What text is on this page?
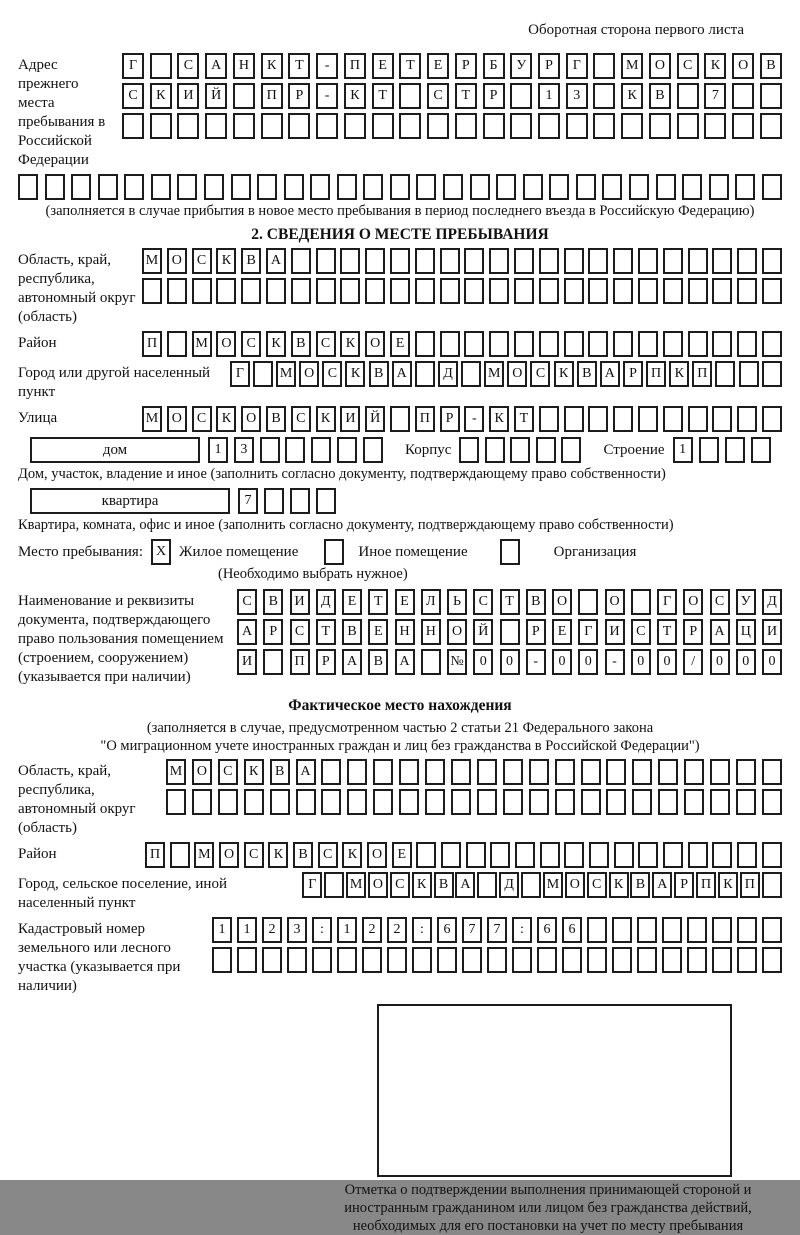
Оборотная сторона первого листа
Адрес прежнего места пребывания в Российской Федерации
Г	С	А	Н	К	Т	-	П	Е	Т	Е	Р	Б	У	Р	Г	М	О	С	К	О	В
С	К	И	Й	П	Р	-	К	Т	С	Т	Р	1	3	К	В	7
(заполняется в случае прибытия в новое место пребывания в период последнего въезда в Российскую Федерацию)
2. СВЕДЕНИЯ О МЕСТЕ ПРЕБЫВАНИЯ
Область, край, республика, автономный округ (область)
М О	С	К	В	А
Район	П	М О	С	К	В	С	К	О	Е
Город или другой населенный пункт
Г	М О С К В А	Д	М О С К В А	Р	П К П
Улица	М О	С	К	О	В	С	К	И	Й	П	Р	-	К	Т
дом	1	3	Корпус	Строение	1
Дом, участок, владение и иное (заполнить согласно документу, подтверждающему право собственности)
квартира	7
Квартира, комната, офис и иное (заполнить согласно документу, подтверждающему право собственности)
Место пребывания: X Жилое помещение	Иное помещение	Организация
(Необходимо выбрать нужное)
Наименование и реквизиты документа, подтверждающего право пользования помещением (строением, сооружением) (указывается при наличии)
С	В	И	Д	Е	Т	Е	Л	Ь	С	Т	В	О	О	Г	О	С	У	Д
А	Р	С	Т	В	Е	Н	Н	О	Й	Р	Е	Г	И	С	Т	Р	А	Ц	И
И	П	Р	А	В	А	№	0	0	-	0	0	-	0	0	/	0	0	0
Фактическое место нахождения
(заполняется в случае, предусмотренном частью 2 статьи 21 Федерального закона
"О миграционном учете иностранных граждан и лиц без гражданства в Российской Федерации")
Область, край, республика, автономный округ (область)
М	О	С	К	В	А
Район	П	М О	С	К	В	С	К	О	Е
Город, сельское поселение, иной населенный пункт
Г	М О С К В А	Д	М О С К В А Р П К П
Кадастровый номер земельного или лесного участка (указывается при наличии)
1	1	2	3	:	1	2	2	:	6	7	7	:	6	6
Отметка о подтверждении выполнения принимающей стороной и иностранным гражданином или лицом без гражданства действий, необходимых для его постановки на учет по месту пребывания
